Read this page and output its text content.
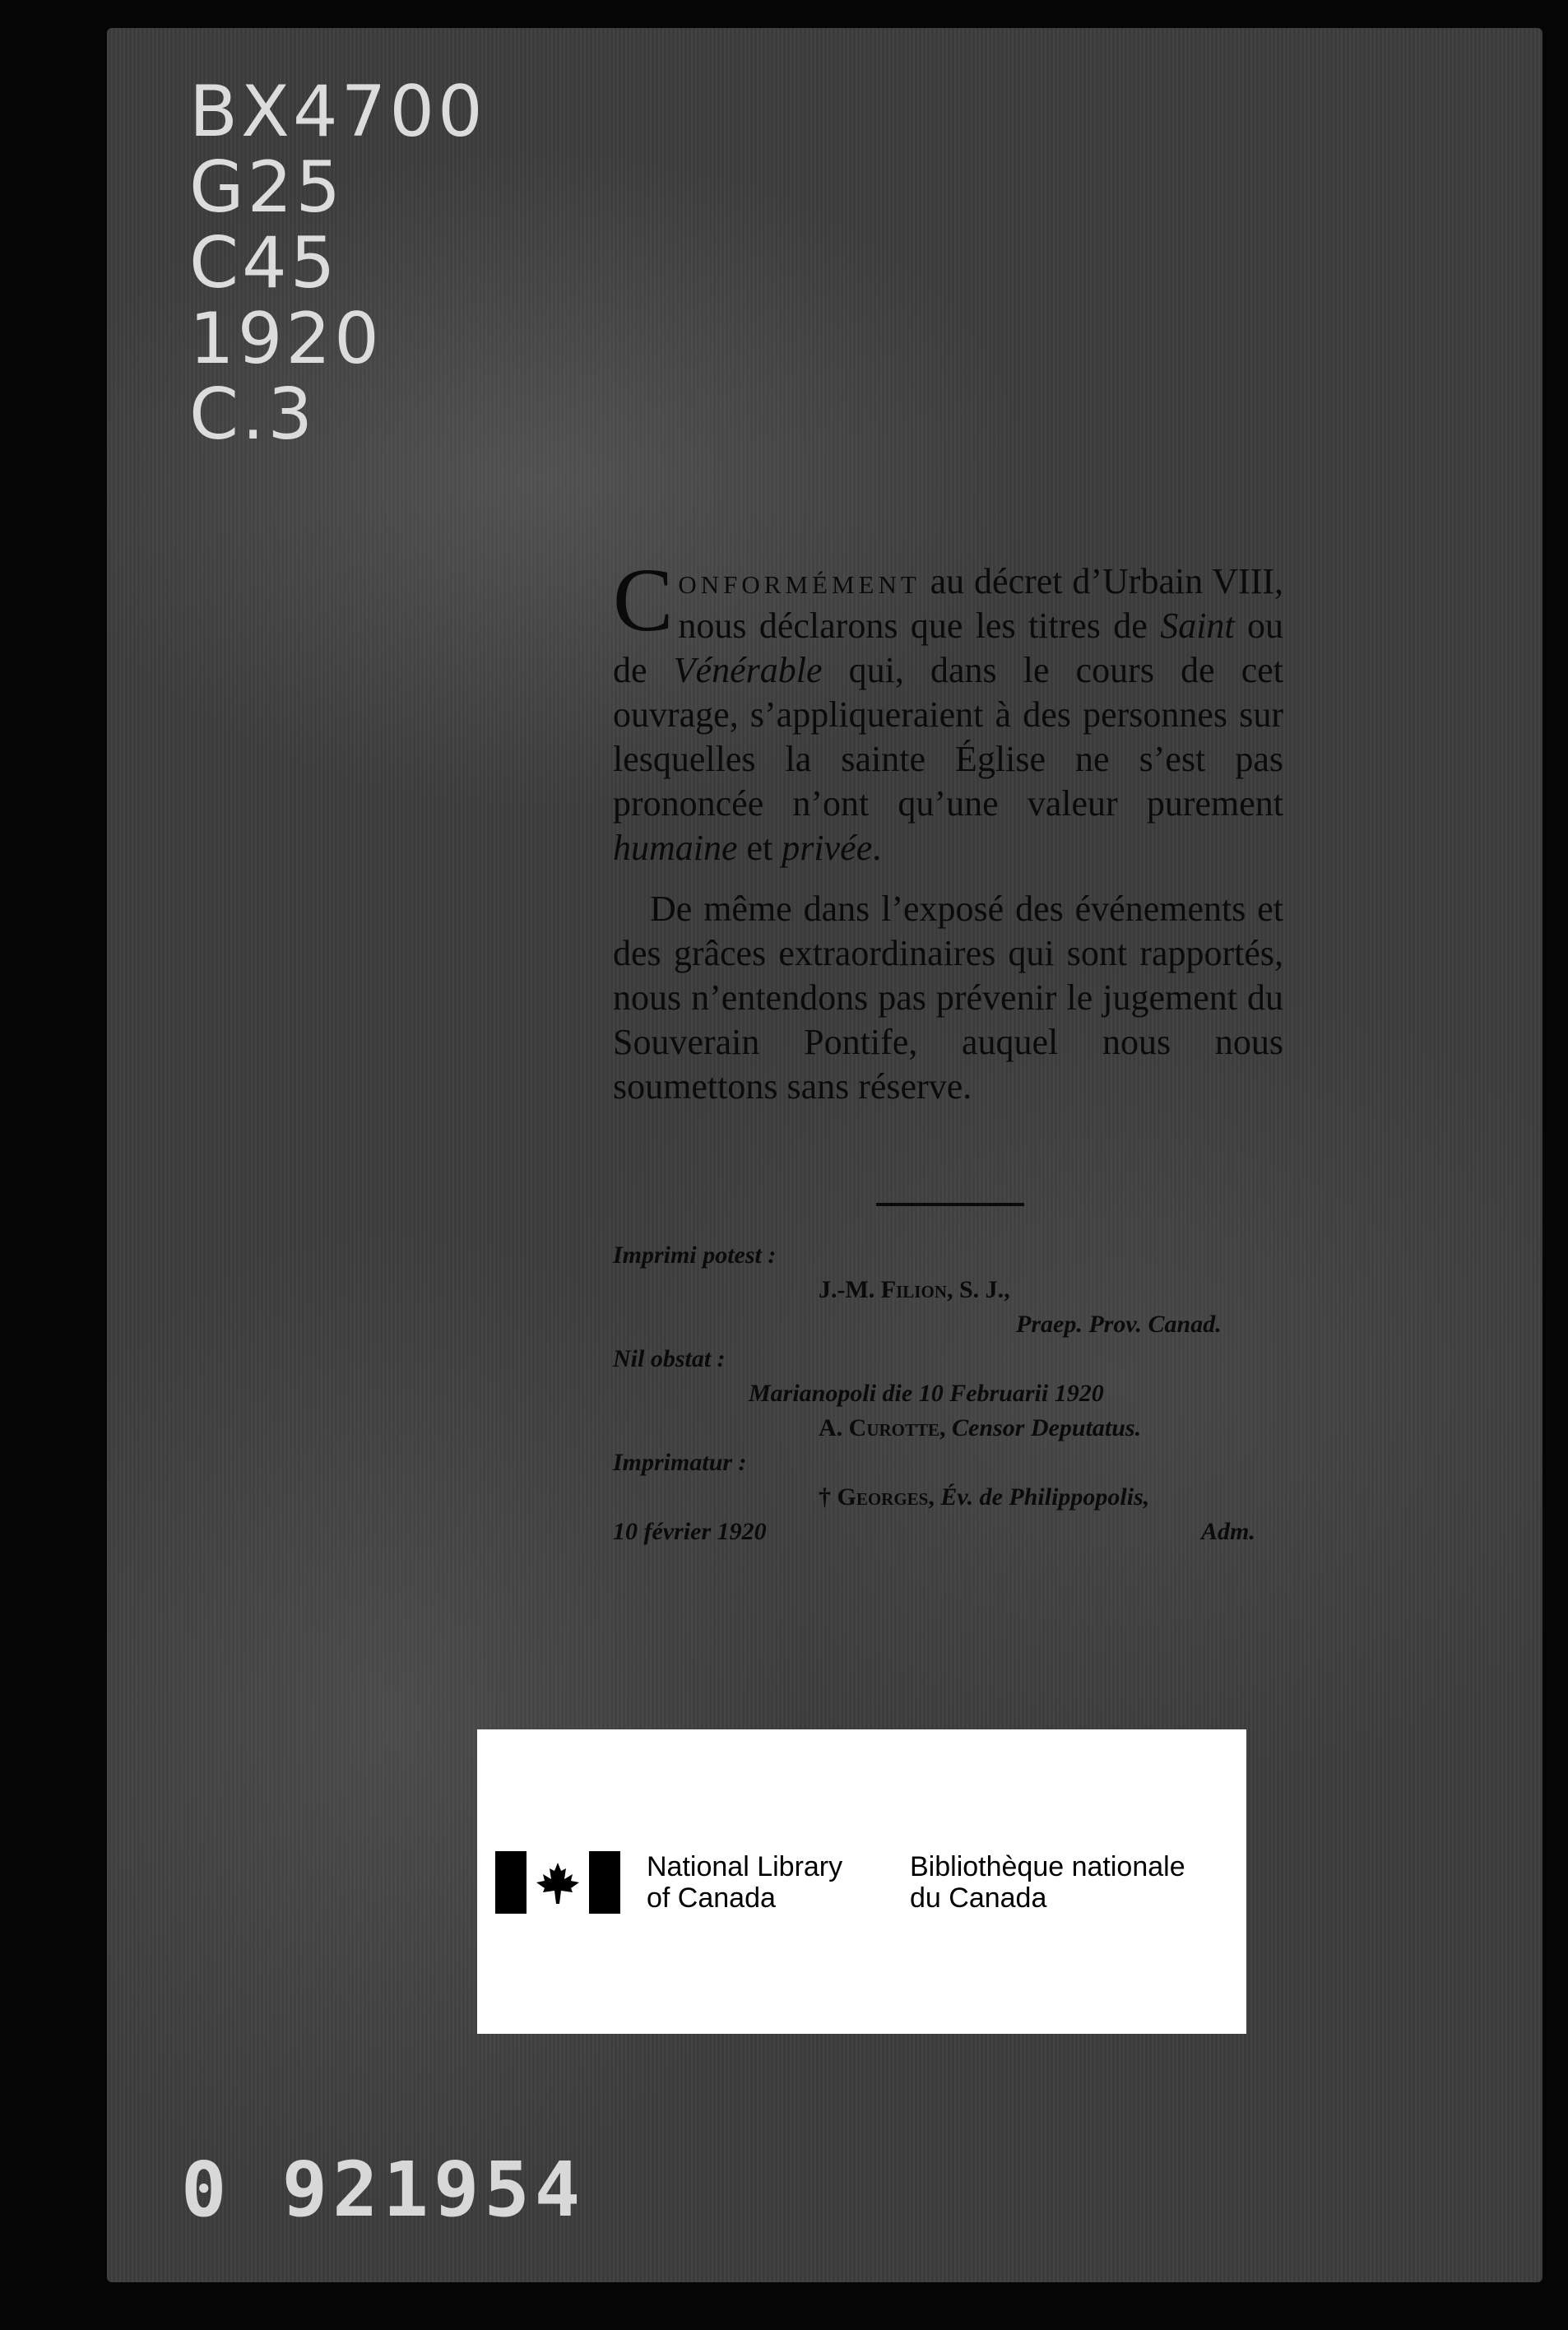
BX4700
G25
C45
1920
C.3

Conformément au décret d’Urbain VIII, nous déclarons que les titres de Saint ou de Vénérable qui, dans le cours de cet ouvrage, s’appliqueraient à des personnes sur lesquelles la sainte Église ne s’est pas prononcée n’ont qu’une valeur purement humaine et privée.

De même dans l’exposé des événements et des grâces extraordinaires qui sont rapportés, nous n’entendons pas prévenir le jugement du Souverain Pontife, auquel nous nous soumettons sans réserve.

Imprimi potest :
J.-M. Filion, S. J.,
Praep. Prov. Canad.
Nil obstat :
Marianopoli die 10 Februarii 1920
A. Curotte, Censor Deputatus.
Imprimatur :
† Georges, Év. de Philippopolis,
10 février 1920	Adm.
National Library
of Canada
Bibliothèque nationale
du Canada
0 921954
